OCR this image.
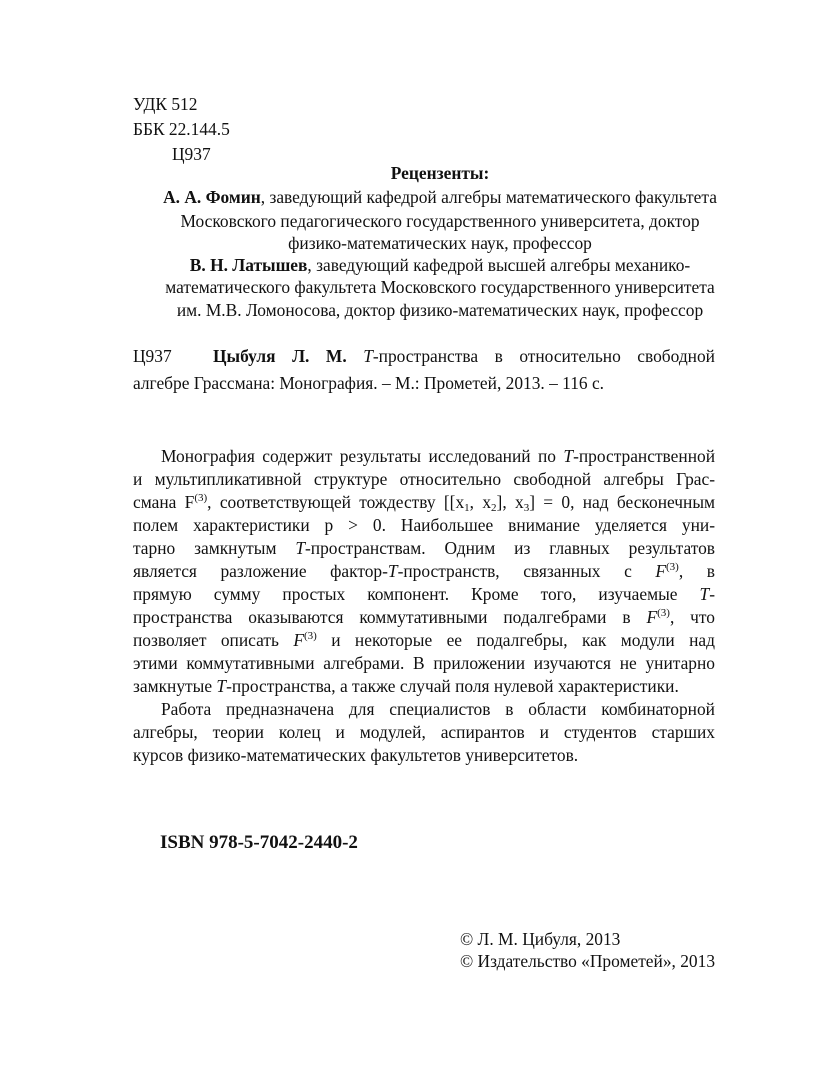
УДК 512
ББК 22.144.5
Ц937
Рецензенты:
А. А. Фомин, заведующий кафедрой алгебры математического факультета
Московского педагогического государственного университета, доктор
физико-математических наук, профессор
В. Н. Латышев, заведующий кафедрой высшей алгебры механико-
математического факультета Московского государственного университета
им. М.В. Ломоносова, доктор физико-математических наук, профессор
Ц937 Цыбуля Л. М. T-пространства в относительно свободной
алгебре Грассмана: Монография. – М.: Прометей, 2013. – 116 с.
Монография содержит результаты исследований по T-пространственной
и мультипликативной структуре относительно свободной алгебры Грас-
смана $F^{(3)}$, соответствующей тождеству [[$x_1$, $x_2$], $x_3] = 0$, над бесконечным
полем характеристики p > 0. Наибольшее внимание уделяется уни-
тарно замкнутым T-пространствам. Одним из главных результатов
является разложение фактор-T-пространств, связанных с $F^{(3)}$, в
прямую сумму простых компонент. Кроме того, изучаемые T-
пространства оказываются коммутативными подалгебрами в $F^{(3)}$, что
позволяет описать $F^{(3)}$ и некоторые ее подалгебры, как модули над
этими коммутативными алгебрами. В приложении изучаются не унитарно
замкнутые T-пространства, а также случай поля нулевой характеристики.
Работа предназначена для специалистов в области комбинаторной
алгебры, теории колец и модулей, аспирантов и студентов старших
курсов физико-математических факультетов университетов.
ISBN 978-5-7042-2440-2
© Л. М. Цибуля, 2013
© Издательство «Прометей», 2013
